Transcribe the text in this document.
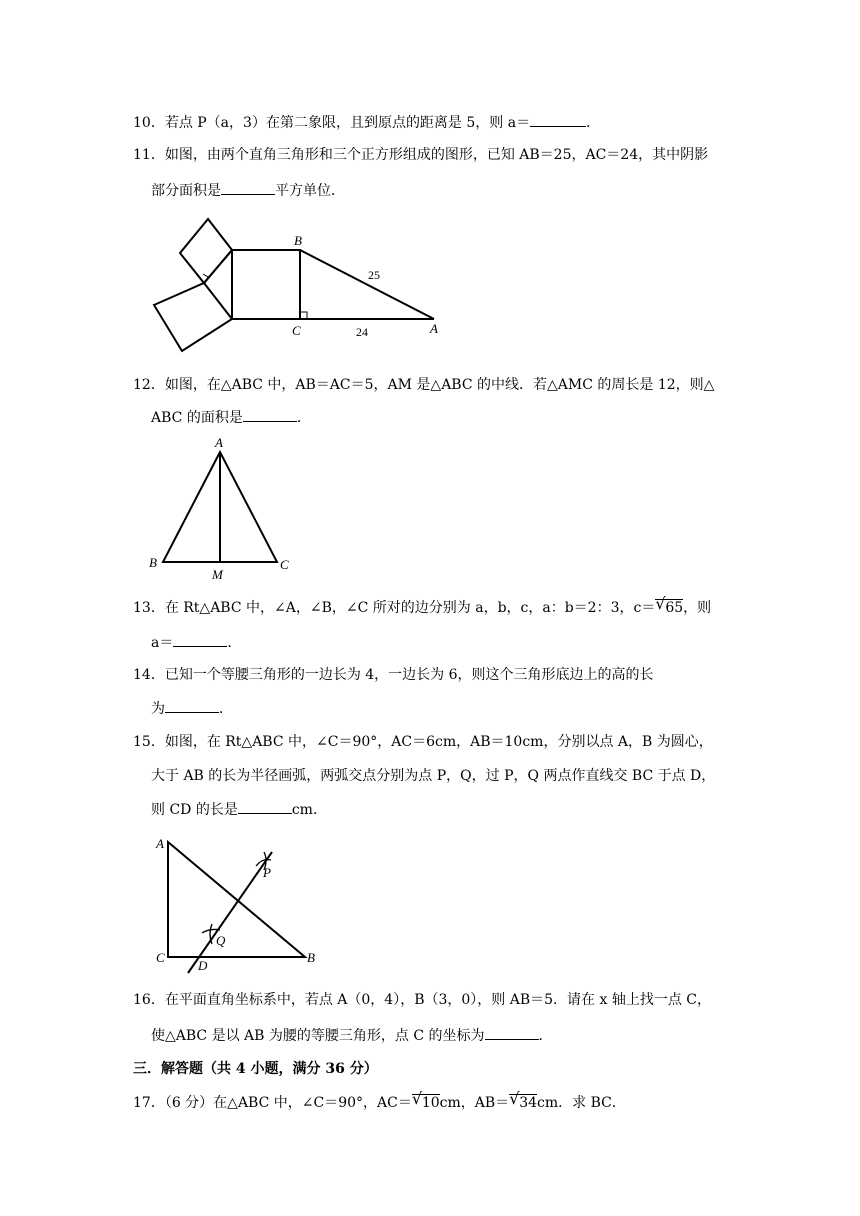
10．若点 P（a，3）在第二象限，且到原点的距离是 5，则 a＝	．
11．如图，由两个直角三角形和三个正方形组成的图形，已知 AB＝25，AC＝24，其中阴影
部分面积是	平方单位．
B
C	A
25
24
12．如图，在△ABC 中，AB＝AC＝5，AM 是△ABC 的中线．若△AMC 的周长是 12，则△
ABC 的面积是	．
A
B	C
M
13．在 Rt△ABC 中，∠A，∠B，∠C 所对的边分别为 a，b，c，a：b＝2：3，c＝ √ 65，则
a＝	．
14．已知一个等腰三角形的一边长为 4，一边长为 6，则这个三角形底边上的高的长
为	．
15．如图，在 Rt△ABC 中，∠C＝90°，AC＝6cm，AB＝10cm，分别以点 A，B 为圆心，
大于 AB 的长为半径画弧，两弧交点分别为点 P，Q，过 P，Q 两点作直线交 BC 于点 D，
则 CD 的长是	cm．
A
C	B
D
P
Q
16．在平面直角坐标系中，若点 A（0，4），B（3，0），则 AB＝5．请在 x 轴上找一点 C，
使△ABC 是以 AB 为腰的等腰三角形，点 C 的坐标为	．
三．解答题（共 4 小题，满分 36 分）
17．（6 分）在△ABC 中，∠C＝90°，AC＝ √ 10cm，AB＝ √ 34cm．求 BC．
